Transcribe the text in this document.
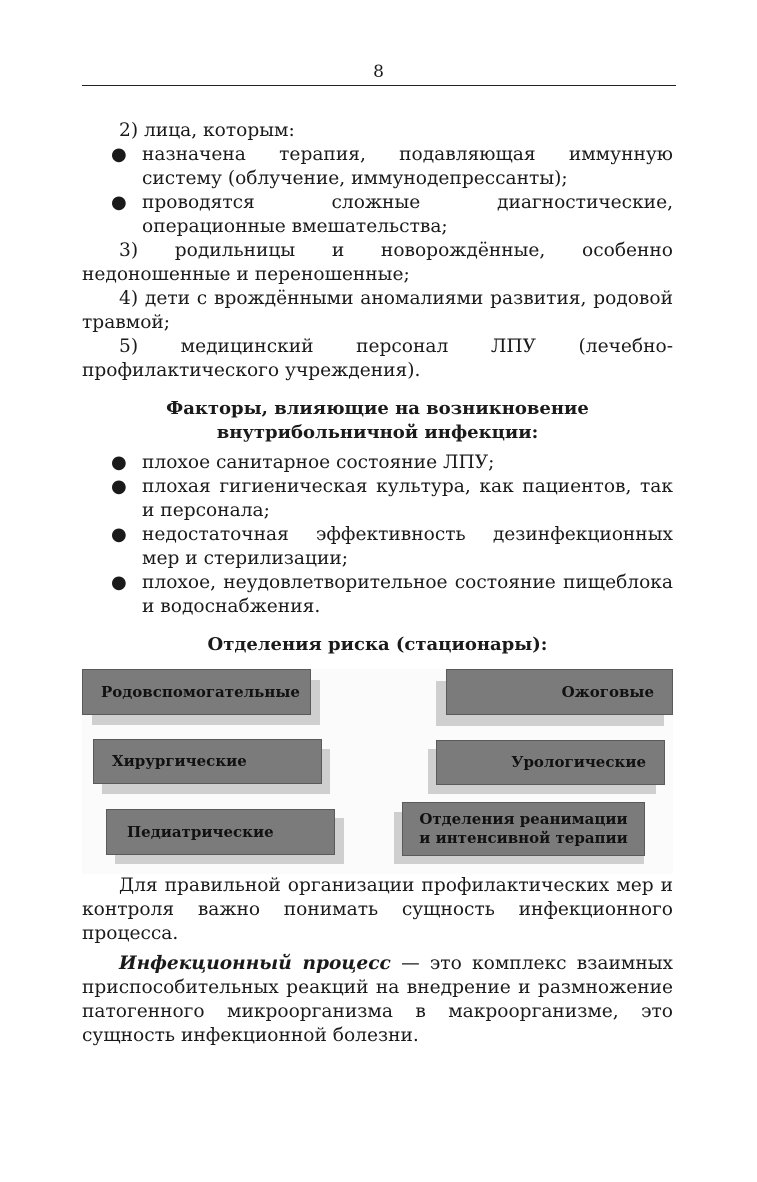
8

2) лица, которым:

● назначена терапия, подавляющая иммунную систему (облучение, иммунодепрессанты);
● проводятся сложные диагностические, операционные вмешательства;

3) родильницы и новорождённые, особенно недоношенные и переношенные;

4) дети с врождёнными аномалиями развития, родовой травмой;

5) медицинский персонал ЛПУ (лечебно-профилактического учреждения).

Факторы, влияющие на возникновение
внутрибольничной инфекции:
● плохое санитарное состояние ЛПУ;
● плохая гигиеническая культура, как пациентов, так и персонала;
● недостаточная эффективность дезинфекционных мер и стерилизации;
● плохое, неудовлетворительное состояние пищеблока и водоснабжения.
Отделения риска (стационары):
Родовспомогательные	Ожоговые
Хирургические	Урологические
Педиатрические
Отделения реанимации
и интенсивной терапии

Для правильной организации профилактических мер и контроля важно понимать сущность инфекционного процесса.

Инфекционный процесс — это комплекс взаимных приспособительных реакций на внедрение и размножение патогенного микроорганизма в макроорганизме, это сущность инфекционной болезни.
